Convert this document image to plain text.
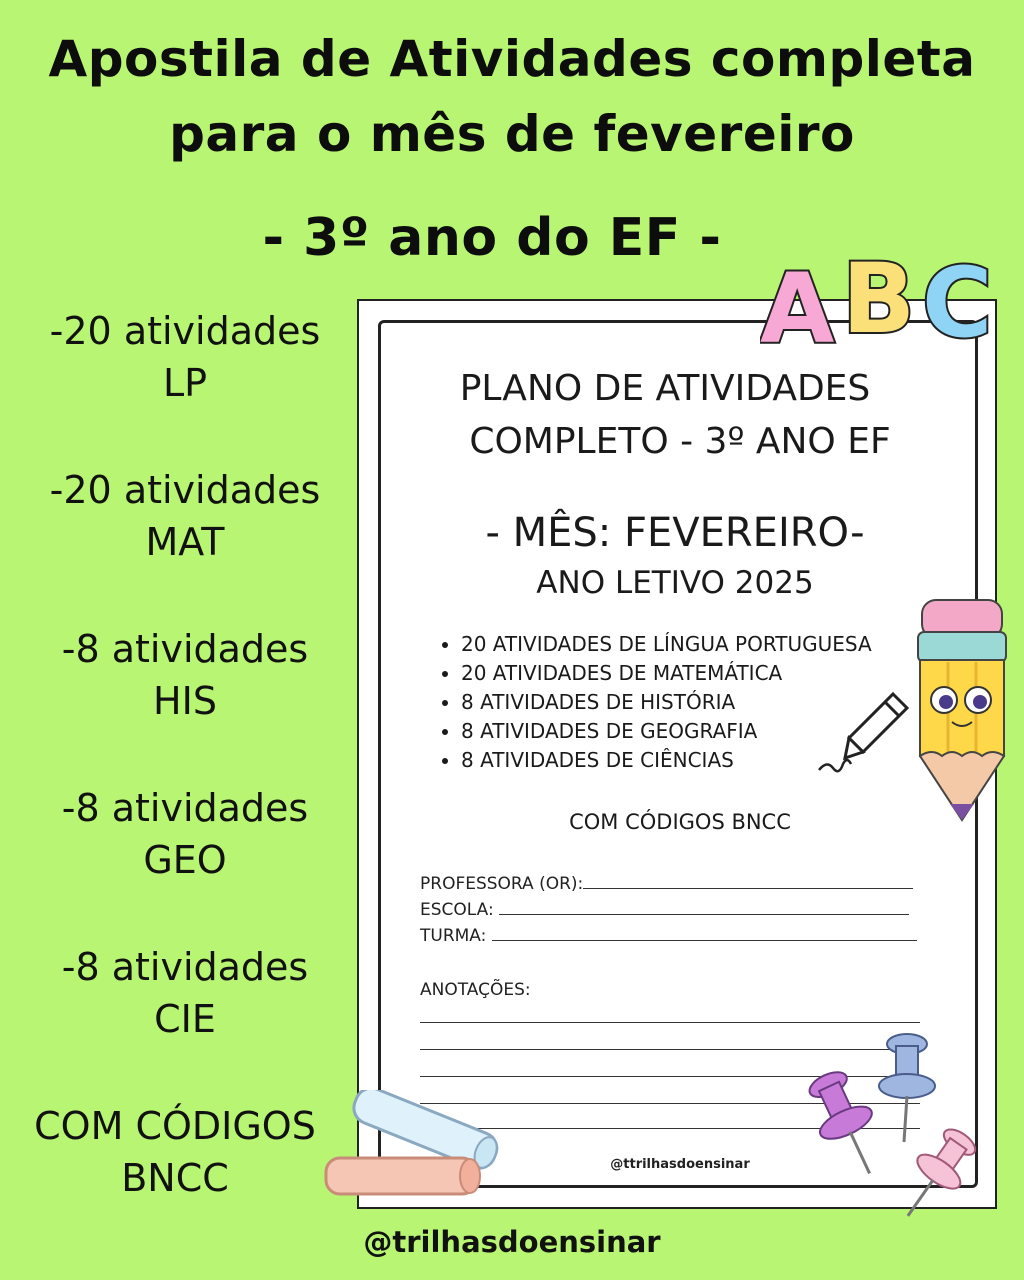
Apostila de Atividades completa
para o mês de fevereiro
- 3º ano do EF -
-20 atividades
LP
-20 atividades
MAT
-8 atividades
HIS
-8 atividades
GEO
-8 atividades
CIE
COM CÓDIGOS
BNCC
PLANO DE ATIVIDADES
COMPLETO - 3º ANO EF
- MÊS: FEVEREIRO-
ANO LETIVO 2025
• 20 ATIVIDADES DE LÍNGUA PORTUGUESA
• 20 ATIVIDADES DE MATEMÁTICA
• 8 ATIVIDADES DE HISTÓRIA
• 8 ATIVIDADES DE GEOGRAFIA
• 8 ATIVIDADES DE CIÊNCIAS
COM CÓDIGOS BNCC
PROFESSORA (OR):
ESCOLA:
TURMA:
ANOTAÇÕES:
@ttrilhasdoensinar
A B C
@trilhasdoensinar
